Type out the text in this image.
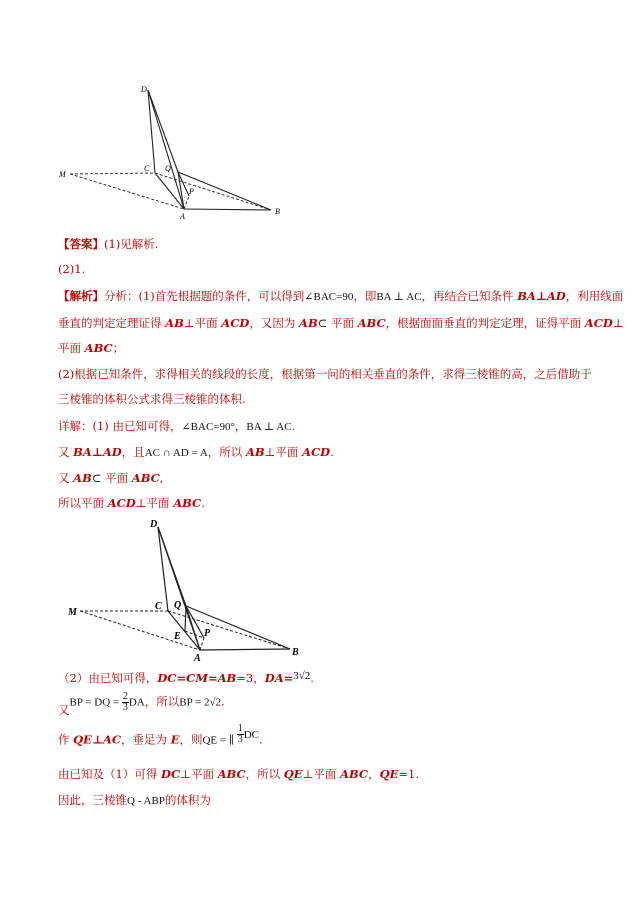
D
M
C Q
P
A
B
【答案】(1)见解析.
(2)1.
【解析】分析：(1)首先根据题的条件，可以得到∠BAC=90，即BA ⊥ AC，再结合已知条件 BA⊥AD，利用线面
垂直的判定定理证得 AB⊥平面 ACD，又因为 AB⊂ 平面 ABC，根据面面垂直的判定定理，证得平面 ACD⊥
平面 ABC；
(2)根据已知条件，求得相关的线段的长度，根据第一问的相关垂直的条件，求得三棱锥的高，之后借助于
三棱锥的体积公式求得三棱锥的体积.
详解：(1) 由已知可得，∠BAC=90°，BA ⊥ AC.
又 BA⊥AD，且AC ∩ AD = A，所以 AB⊥平面 ACD.
又 AB⊂ 平面 ABC,
所以平面 ACD⊥平面 ABC.
D
M
C Q
E P
A
B
（2）由已知可得，DC=CM=AB=3，DA=3√2.
又BP = DQ = $\frac{2}{3}$ DA，所以BP = 2√2.
作 QE⊥AC，垂足为 E，则QE = ∥ $\frac{1}{3}$ DC.
由已知及（1）可得 DC⊥平面 ABC，所以 QE⊥平面 ABC，QE=1.
因此，三棱锥Q - ABP的体积为
